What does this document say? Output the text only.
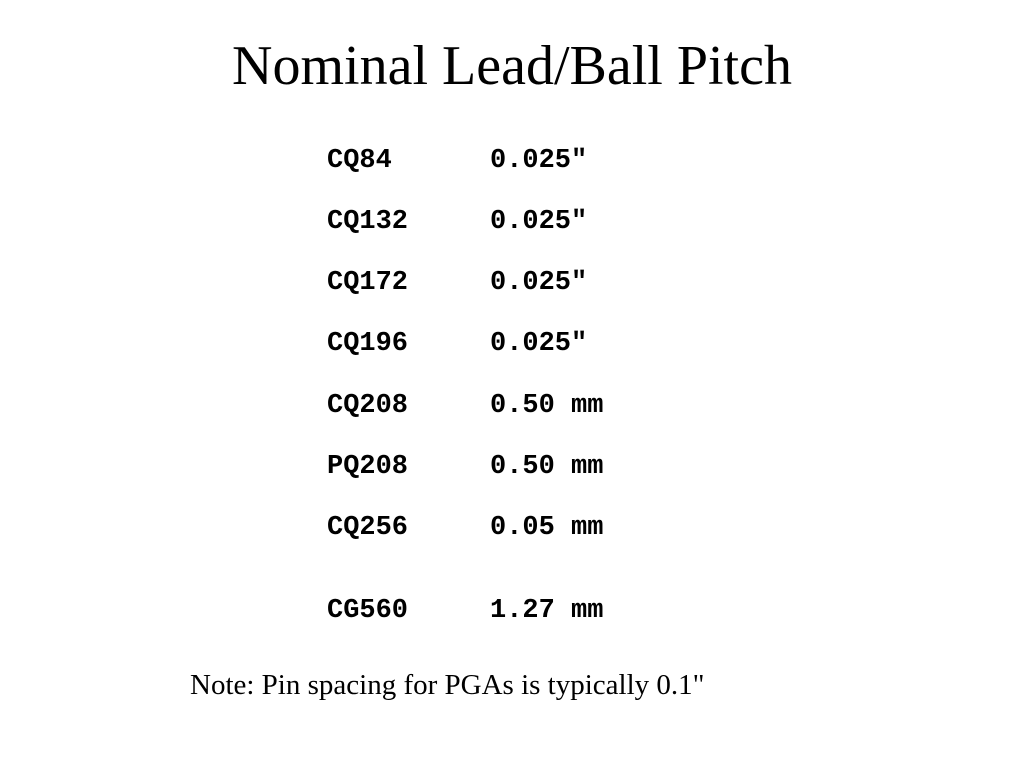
Nominal Lead/Ball Pitch
CQ84	0.025"
CQ132	0.025"
CQ172	0.025"
CQ196	0.025"
CQ208	0.50 mm
PQ208	0.50 mm
CQ256	0.05 mm
CG560	1.27 mm
Note: Pin spacing for PGAs is typically 0.1"
